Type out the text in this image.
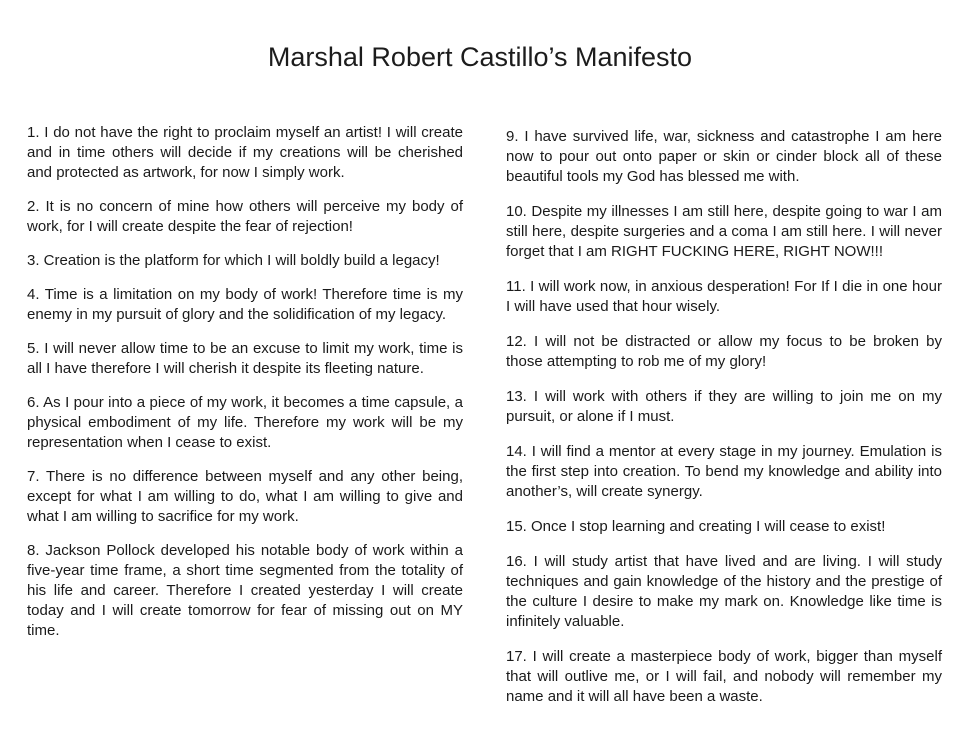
Marshal Robert Castillo’s Manifesto

1. I do not have the right to proclaim myself an artist! I will create and in time others will decide if my creations will be cherished and protected as artwork, for now I simply work.

2. It is no concern of mine how others will perceive my body of work, for I will create despite the fear of rejection!

3. Creation is the platform for which I will boldly build a legacy!

4. Time is a limitation on my body of work! Therefore time is my enemy in my pursuit of glory and the solidification of my legacy.

5. I will never allow time to be an excuse to limit my work, time is all I have therefore I will cherish it despite its fleeting nature.

6. As I pour into a piece of my work, it becomes a time capsule, a physical embodiment of my life. Therefore my work will be my representation when I cease to exist.

7. There is no difference between myself and any other being, except for what I am willing to do, what I am willing to give and what I am willing to sacrifice for my work.

8. Jackson Pollock developed his notable body of work within a five-year time frame, a short time segmented from the totality of his life and career. Therefore I created yesterday I will create today and I will create tomorrow for fear of missing out on MY time.

9. I have survived life, war, sickness and catastrophe I am here now to pour out onto paper or skin or cinder block all of these beautiful tools my God has blessed me with.

10. Despite my illnesses I am still here, despite going to war I am still here, despite surgeries and a coma I am still here. I will never forget that I am RIGHT FUCKING HERE, RIGHT NOW!!!

11. I will work now, in anxious desperation! For If I die in one hour I will have used that hour wisely.

12. I will not be distracted or allow my focus to be broken by those attempting to rob me of my glory!

13. I will work with others if they are willing to join me on my pursuit, or alone if I must.

14. I will find a mentor at every stage in my journey. Emulation is the first step into creation. To bend my knowledge and ability into another’s, will create synergy.

15. Once I stop learning and creating I will cease to exist!

16. I will study artist that have lived and are living. I will study techniques and gain knowledge of the history and the prestige of the culture I desire to make my mark on. Knowledge like time is infinitely valuable.

17. I will create a masterpiece body of work, bigger than myself that will outlive me, or I will fail, and nobody will remember my name and it will all have been a waste.
